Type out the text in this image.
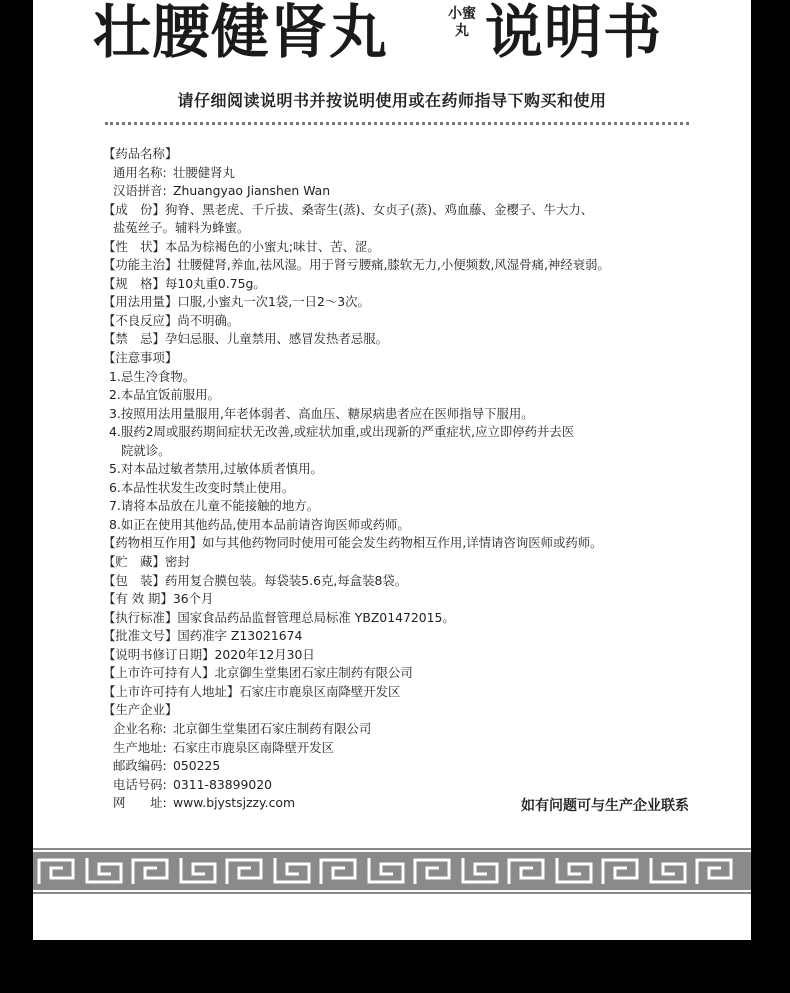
壮腰健肾丸	小蜜丸 说明书
请仔细阅读说明书并按说明使用或在药师指导下购买和使用
【药品名称】
通用名称: 壮腰健肾丸
汉语拼音: Zhuangyao Jianshen Wan
【成　份】狗脊、黑老虎、千斤拔、桑寄生(蒸)、女贞子(蒸)、鸡血藤、金樱子、牛大力、
盐菟丝子。辅料为蜂蜜。
【性　状】本品为棕褐色的小蜜丸;味甘、苦、涩。
【功能主治】壮腰健肾,养血,祛风湿。用于肾亏腰痛,膝软无力,小便频数,风湿骨痛,神经衰弱。
【规　格】每10丸重0.75g。
【用法用量】口服,小蜜丸一次1袋,一日2～3次。
【不良反应】尚不明确。
【禁　忌】孕妇忌服、儿童禁用、感冒发热者忌服。
【注意事项】
1.忌生冷食物。
2.本品宜饭前服用。
3.按照用法用量服用,年老体弱者、高血压、糖尿病患者应在医师指导下服用。
4.服药2周或服药期间症状无改善,或症状加重,或出现新的严重症状,应立即停药并去医
院就诊。
5.对本品过敏者禁用,过敏体质者慎用。
6.本品性状发生改变时禁止使用。
7.请将本品放在儿童不能接触的地方。
8.如正在使用其他药品,使用本品前请咨询医师或药师。
【药物相互作用】如与其他药物同时使用可能会发生药物相互作用,详情请咨询医师或药师。
【贮　藏】密封
【包　装】药用复合膜包装。每袋装5.6克,每盒装8袋。
【有 效 期】36个月
【执行标准】国家食品药品监督管理总局标准 YBZ01472015。
【批准文号】国药准字 Z13021674
【说明书修订日期】2020年12月30日
【上市许可持有人】北京御生堂集团石家庄制药有限公司
【上市许可持有人地址】石家庄市鹿泉区南降壁开发区
【生产企业】
企业名称: 北京御生堂集团石家庄制药有限公司
生产地址: 石家庄市鹿泉区南降壁开发区
邮政编码: 050225
电话号码: 0311-83899020
网　　址: www.bjystsjzzy.com	如有问题可与生产企业联系
